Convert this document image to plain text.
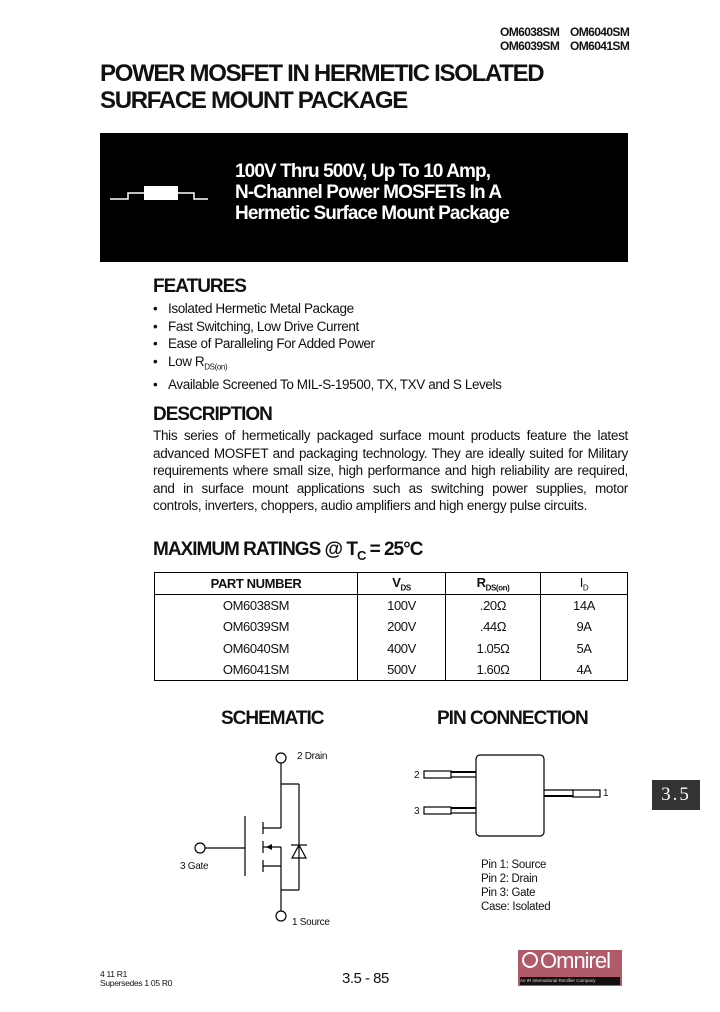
OM6038SM OM6040SM
OM6039SM OM6041SM
POWER MOSFET IN HERMETIC ISOLATED
SURFACE MOUNT PACKAGE
100V Thru 500V, Up To 10 Amp,
N-Channel Power MOSFETs In A
Hermetic Surface Mount Package
FEATURES
• Isolated Hermetic Metal Package
• Fast Switching, Low Drive Current
• Ease of Paralleling For Added Power
• Low $R_{DS(on)}$
• Available Screened To MIL-S-19500, TX, TXV and S Levels
DESCRIPTION

This series of hermetically packaged surface mount products feature the latest advanced MOSFET and packaging technology. They are ideally suited for Military requirements where small size, high performance and high reliability are required, and in surface mount applications such as switching power supplies, motor controls, inverters, choppers, audio amplifiers and high energy pulse circuits.

MAXIMUM RATINGS @ $T_C = 25^\circ C$
PART NUMBER	$V_{DS}$	$R_{DS(on)}$	$I_D$
OM6038SM	100V	.20Ω	14A
OM6039SM	200V	.44Ω	9A
OM6040SM	400V	1.05Ω	5A
OM6041SM	500V	1.60Ω	4A
SCHEMATIC	PIN CONNECTION
2 Drain
3 Gate
1 Source
2
3
1
Pin 1: Source
Pin 2: Drain
Pin 3: Gate
Case: Isolated
3.5
4 11 R1
Supersedes 1 05 R0	3.5 - 85
Omnirel
An IR International Rectifier Company
